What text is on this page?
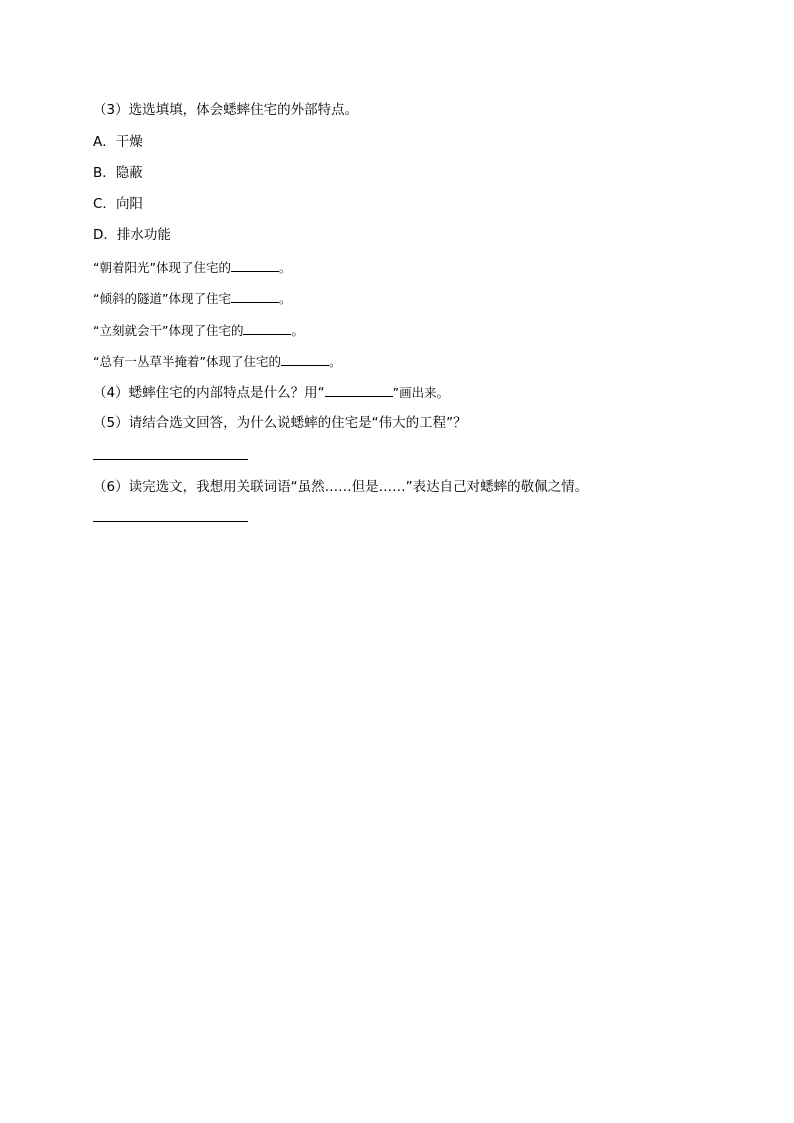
（3）选选填填，体会蟋蟀住宅的外部特点。
A．干燥
B．隐蔽
C．向阳
D．排水功能
“朝着阳光”体现了住宅的	。
“倾斜的隧道”体现了住宅	。
“立刻就会干”体现了住宅的	。
“总有一丛草半掩着”体现了住宅的	。
（4）蟋蟀住宅的内部特点是什么？用“	”画出来。
（5）请结合选文回答，为什么说蟋蟀的住宅是“伟大的工程”？
（6）读完选文，我想用关联词语“虽然……但是……”表达自己对蟋蟀的敬佩之情。
